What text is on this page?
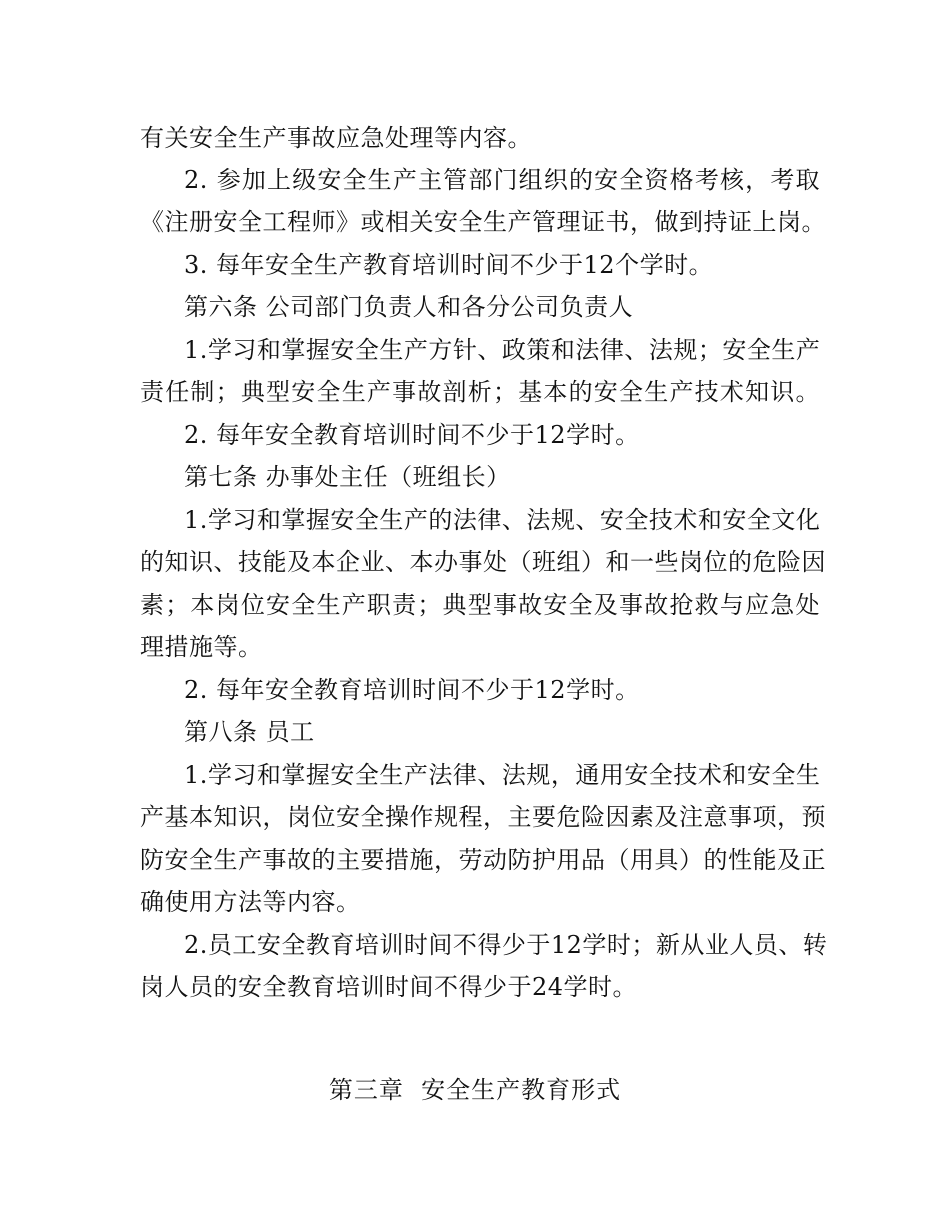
有关安全生产事故应急处理等内容。
2. 参加上级安全生产主管部门组织的安全资格考核，考取
《注册安全工程师》或相关安全生产管理证书，做到持证上岗。
3. 每年安全生产教育培训时间不少于12个学时。
第六条 公司部门负责人和各分公司负责人
1.学习和掌握安全生产方针、政策和法律、法规；安全生产
责任制；典型安全生产事故剖析；基本的安全生产技术知识。
2. 每年安全教育培训时间不少于12学时。
第七条 办事处主任（班组长）
1.学习和掌握安全生产的法律、法规、安全技术和安全文化
的知识、技能及本企业、本办事处（班组）和一些岗位的危险因
素；本岗位安全生产职责；典型事故安全及事故抢救与应急处
理措施等。
2. 每年安全教育培训时间不少于12学时。
第八条 员工
1.学习和掌握安全生产法律、法规，通用安全技术和安全生
产基本知识，岗位安全操作规程，主要危险因素及注意事项，预
防安全生产事故的主要措施，劳动防护用品（用具）的性能及正
确使用方法等内容。
2.员工安全教育培训时间不得少于12学时；新从业人员、转
岗人员的安全教育培训时间不得少于24学时。
第三章  安全生产教育形式
